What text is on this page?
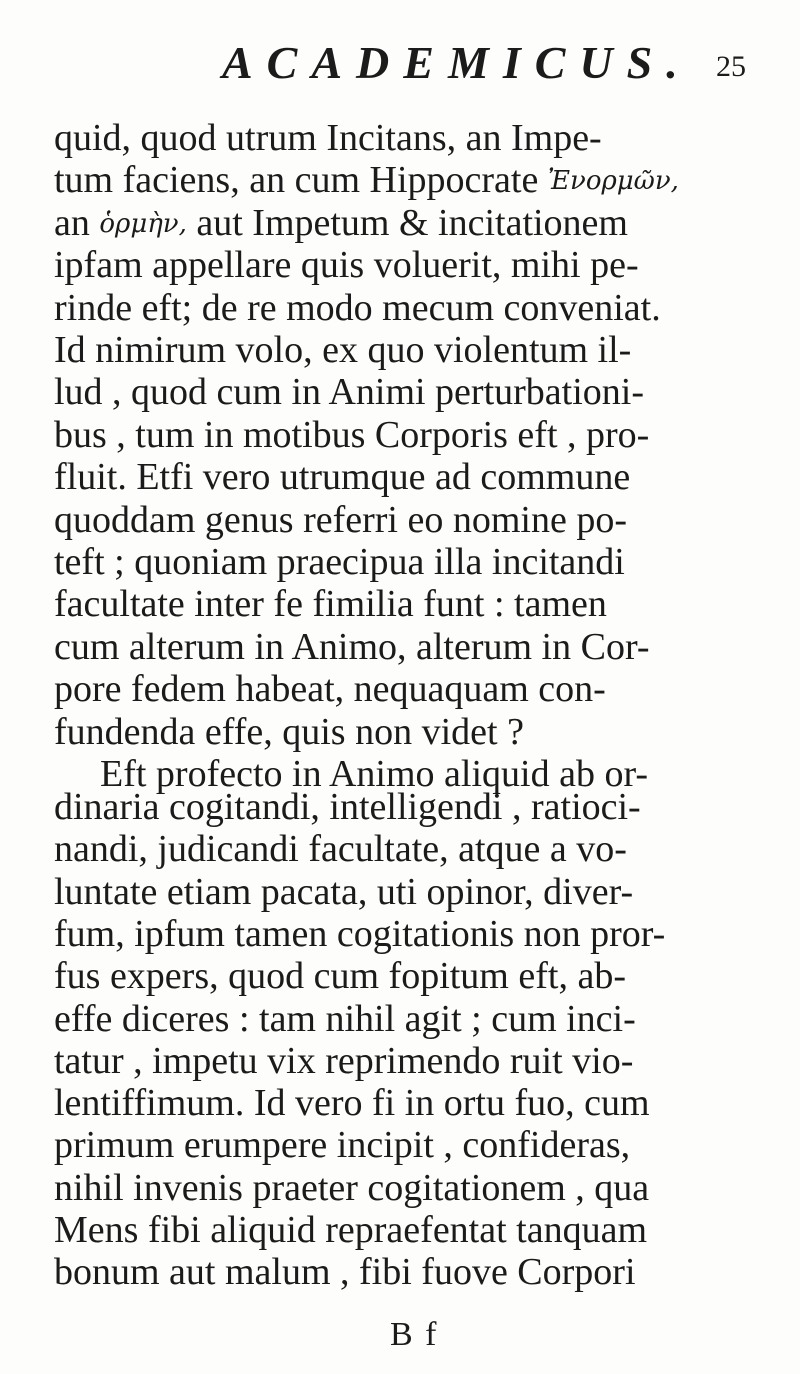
ACADEMICUS. 25
quid, quod utrum Incitans, an Impe-
tum faciens, an cum Hippocrate Ἐνορμῶν,
an ὁρμὴν, aut Impetum & incitationem
ipfam appellare quis voluerit, mihi pe-
rinde eft; de re modo mecum conveniat.
Id nimirum volo, ex quo violentum il-
lud , quod cum in Animi perturbationi-
bus , tum in motibus Corporis eft , pro-
fluit. Etfi vero utrumque ad commune
quoddam genus referri eo nomine po-
teft ; quoniam praecipua illa incitandi
facultate inter fe fimilia funt : tamen
cum alterum in Animo, alterum in Cor-
pore fedem habeat, nequaquam con-
fundenda effe, quis non videt ?
Eft profecto in Animo aliquid ab or-
dinaria cogitandi, intelligendi , ratioci-
nandi, judicandi facultate, atque a vo-
luntate etiam pacata, uti opinor, diver-
fum, ipfum tamen cogitationis non pror-
fus expers, quod cum fopitum eft, ab-
effe diceres : tam nihil agit ; cum inci-
tatur , impetu vix reprimendo ruit vio-
lentiffimum. Id vero fi in ortu fuo, cum
primum erumpere incipit , confideras,
nihil invenis praeter cogitationem , qua
Mens fibi aliquid repraefentat tanquam
bonum aut malum , fibi fuove Corpori
B f
